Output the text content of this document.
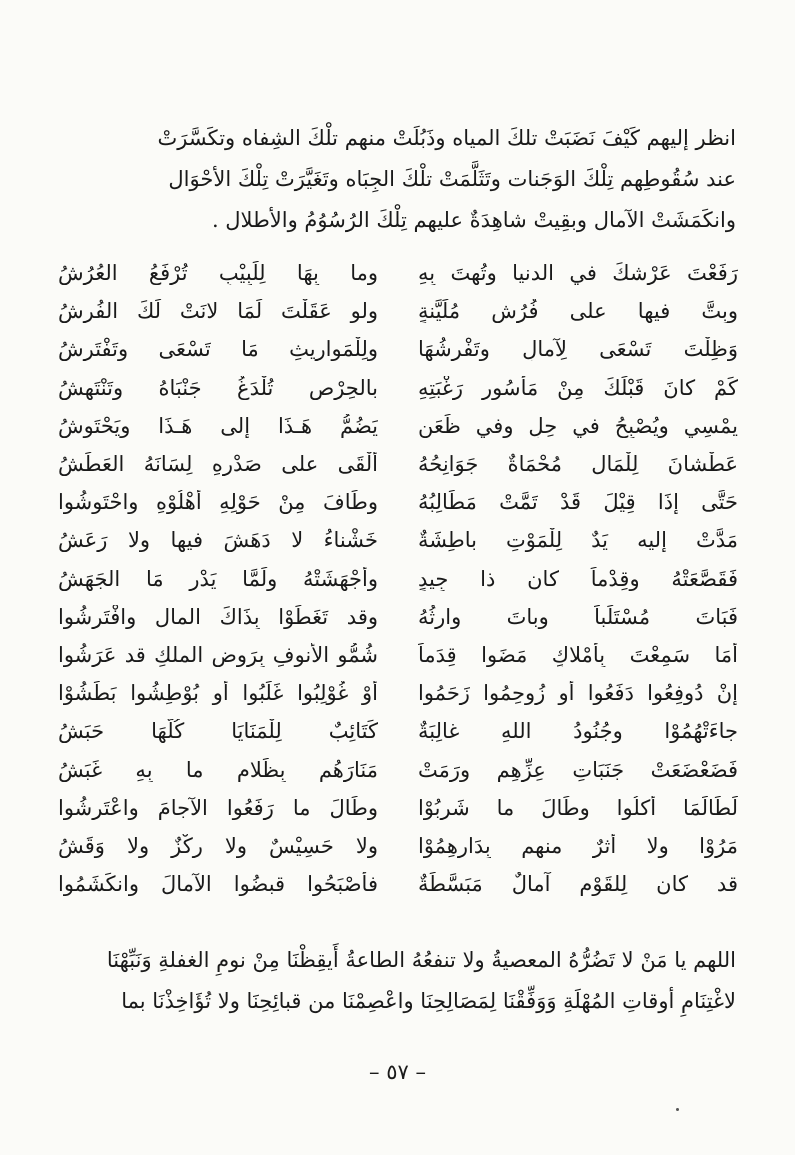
انظر إليهم كَيْفَ نَضَبَتْ تلكَ المياه وذَبُلَتْ منهم تلْكَ الشِفاه وتكَسَّرَتْ
عند سُقُوطِهم تِلْكَ الوَجَنات وتَثَلَّمَتْ تلْكَ الجِبَاه وتَغَيَّرَتْ تِلْكَ الأحْوَال
وانكَمَشَتْ الآمال وبقِيتْ شاهِدَةٌ عليهم تِلْكَ الرُسُوُمُ والأطلال .
رَفَعْتَ عَرْشكَ في الدنيا وتُهتَ بِهِ
وما بِهَا لِلَبِيْبِ تُرْفَعُ العُرُشُ
وبِتَّ فيها على فُرُشٍ مُلَيَّنةٍ
ولو عَقَلْتَ لَمَا لانَتْ لَكَ الفُرشُ
وَظِلْتَ تَسْعَى لِآمالٍ وتَفْرشُهَا
ولِلْمَوارِيثِ مَا تَسْعَى وتَفْتَرِشُ
كَمْ كانَ قَبْلَكَ مِنْ مَأسُورِ رَغْبَتِهِ
بالحِرْصِ تُلْدَغُ جَنْبَاهُ وتَنْتَهِشُ
يمْسِي ويُصْبِحُ في حِلٍ وفي ظَعَنٍ
يَضُمُّ هَـذَا إلى هَـذَا ويَحْتَوِشُ
عَطْشانَ لِلْمَالِ مُحْمَاةٌ جَوَانِحُهُ
أَلْقَى على صَدْرِهِ لِسَانَهُ العَطَشُ
حَتَّى إذَا قِيْلَ قَدْ تَمَّتْ مَطَالِبُهُ
وطَافَ مِنْ حَوْلِهِ أَهْلُوْهِ واحْتَوشُوا
مَدَّتْ إليه يَدٌ لِلْمَوْتِ باطِشَةٌ
خَشْناءُ لا دَهَشَ فيها ولا رَعَشُ
فَقَصَّعَتْهُ وقِدْماً كان ذا جِيدٍ
وأَجْهَشَتْهُ ولَمَّا يَدْرِ مَا الجَهَشُ
فَبَاتَ مُسْتَلَباً وباتَ وارِثُهُ
وقد تَغَطَوْا بِذَاكَ المالِ وافْتَرشُوا
أَمَا سَمِعْتَ بِأَمْلاكٍ مَضَوا قِدَماً
شُمُّو الأنوفِ بِرَوضِ الملكِ قد عَرَشُوا
إنْ دُوفِعُوا دَفَعُوا أو زُوحِمُوا زَحَمُوا
أَوْ غُوْلِبُوا غَلَبُوا أو بُوْطِشُوا بَطَشُوْا
جاءَتْهُمُوْا وجُنُودُ اللهِ غالِبَةٌ
كَتَائِبٌ لِلْمَنَايَا كُلُّهَا حَبَشُ
فَضَعْضَعَتْ جَنَبَاتِ عِزِّهِم ورَمَتْ
مَنَارَهُم بِظَلامٍ ما بِهِ غَبَشُ
لَطَالَمَا أكلُوا وطَالَ ما شَرِبُوْا
وطَالَ ما رَفَعُوا الآجامَ واعْتَرشُوا
مَرُوْا ولا أثرٌ منهم بِدَارِهِمُوْا
ولا حَسِيْسٌ ولا رِكْزٌ ولا وَقَشُ
قد كان لِلقَوْمِ آمالٌ مَبَسَّطَةٌ
فأَصْبَحُوا قبضُوا الآمالَ وانكَشَمُوا
اللهم يا مَنْ لا تَضُرُّهُ المعصيةُ ولا تنفعُهُ الطاعةُ أَيقِظْنَا مِنْ نومِ الغفلةِ وَنَبِّهْنَا
لاغْتِنَامِ أوقاتِ المُهْلَةِ وَوَفِّقْنَا لِمَصَالِحِنَا واعْصِمْنَا من قبائِحِنَا ولا تُؤَاخِذْنَا بما
– ٥٧ –
